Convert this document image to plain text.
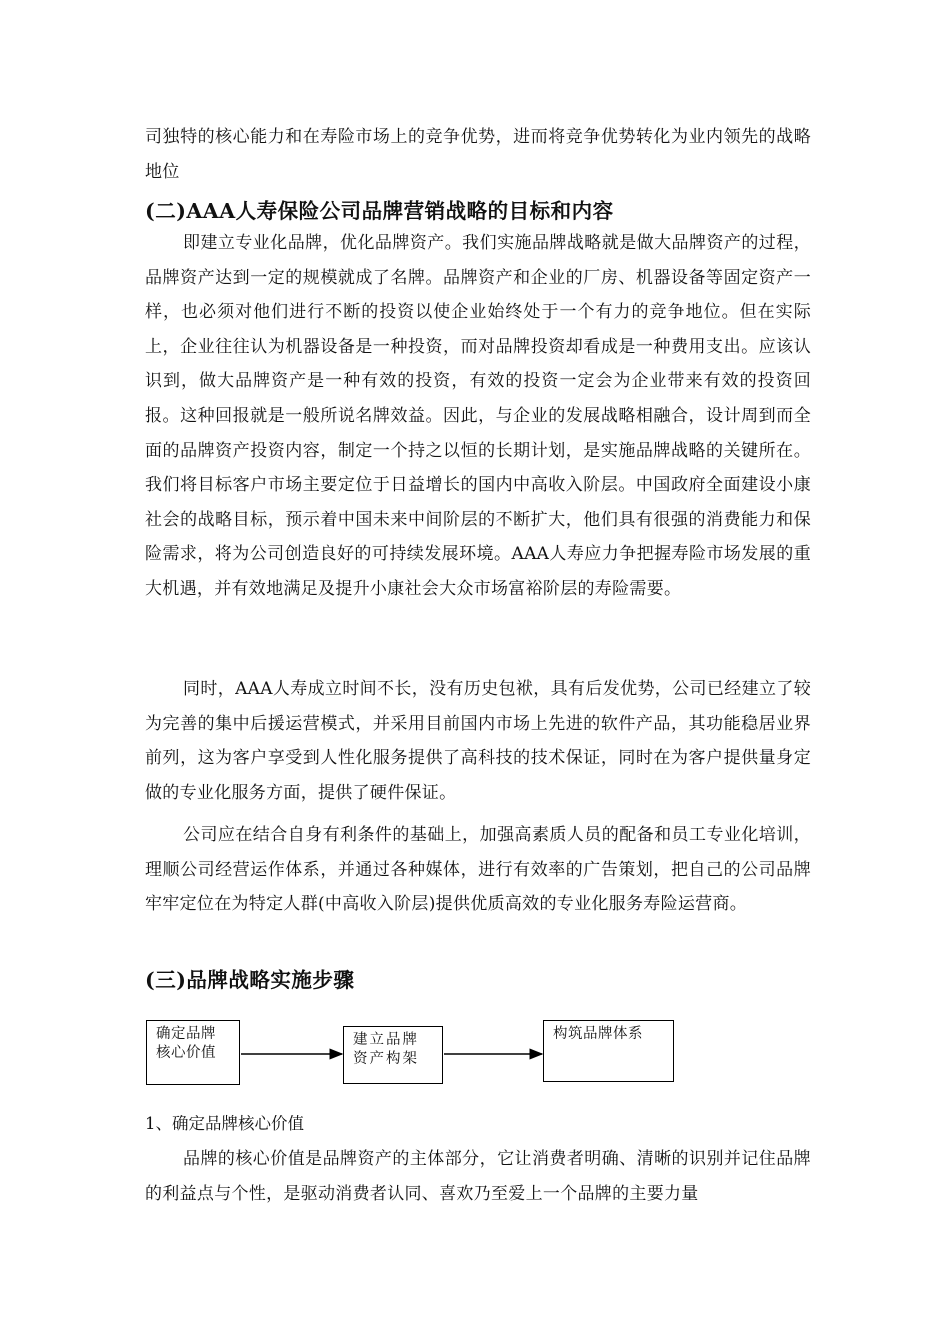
司独特的核心能力和在寿险市场上的竞争优势，进而将竞争优势转化为业内领先的战略地位

(二)AAA人寿保险公司品牌营销战略的目标和内容

即建立专业化品牌，优化品牌资产。我们实施品牌战略就是做大品牌资产的过程，品牌资产达到一定的规模就成了名牌。品牌资产和企业的厂房、机器设备等固定资产一样，也必须对他们进行不断的投资以使企业始终处于一个有力的竞争地位。但在实际上，企业往往认为机器设备是一种投资，而对品牌投资却看成是一种费用支出。应该认识到，做大品牌资产是一种有效的投资，有效的投资一定会为企业带来有效的投资回报。这种回报就是一般所说名牌效益。因此，与企业的发展战略相融合，设计周到而全面的品牌资产投资内容，制定一个持之以恒的长期计划，是实施品牌战略的关键所在。我们将目标客户市场主要定位于日益增长的国内中高收入阶层。中国政府全面建设小康社会的战略目标，预示着中国未来中间阶层的不断扩大，他们具有很强的消费能力和保险需求，将为公司创造良好的可持续发展环境。AAA人寿应力争把握寿险市场发展的重大机遇，并有效地满足及提升小康社会大众市场富裕阶层的寿险需要。

同时，AAA人寿成立时间不长，没有历史包袱，具有后发优势，公司已经建立了较为完善的集中后援运营模式，并采用目前国内市场上先进的软件产品，其功能稳居业界前列，这为客户享受到人性化服务提供了高科技的技术保证，同时在为客户提供量身定做的专业化服务方面，提供了硬件保证。

公司应在结合自身有利条件的基础上，加强高素质人员的配备和员工专业化培训，理顺公司经营运作体系，并通过各种媒体，进行有效率的广告策划，把自己的公司品牌牢牢定位在为特定人群(中高收入阶层)提供优质高效的专业化服务寿险运营商。

(三)品牌战略实施步骤
确定品牌核心价值
建立品牌资产构架
构筑品牌体系

1、确定品牌核心价值

品牌的核心价值是品牌资产的主体部分，它让消费者明确、清晰的识别并记住品牌的利益点与个性，是驱动消费者认同、喜欢乃至爱上一个品牌的主要力量
